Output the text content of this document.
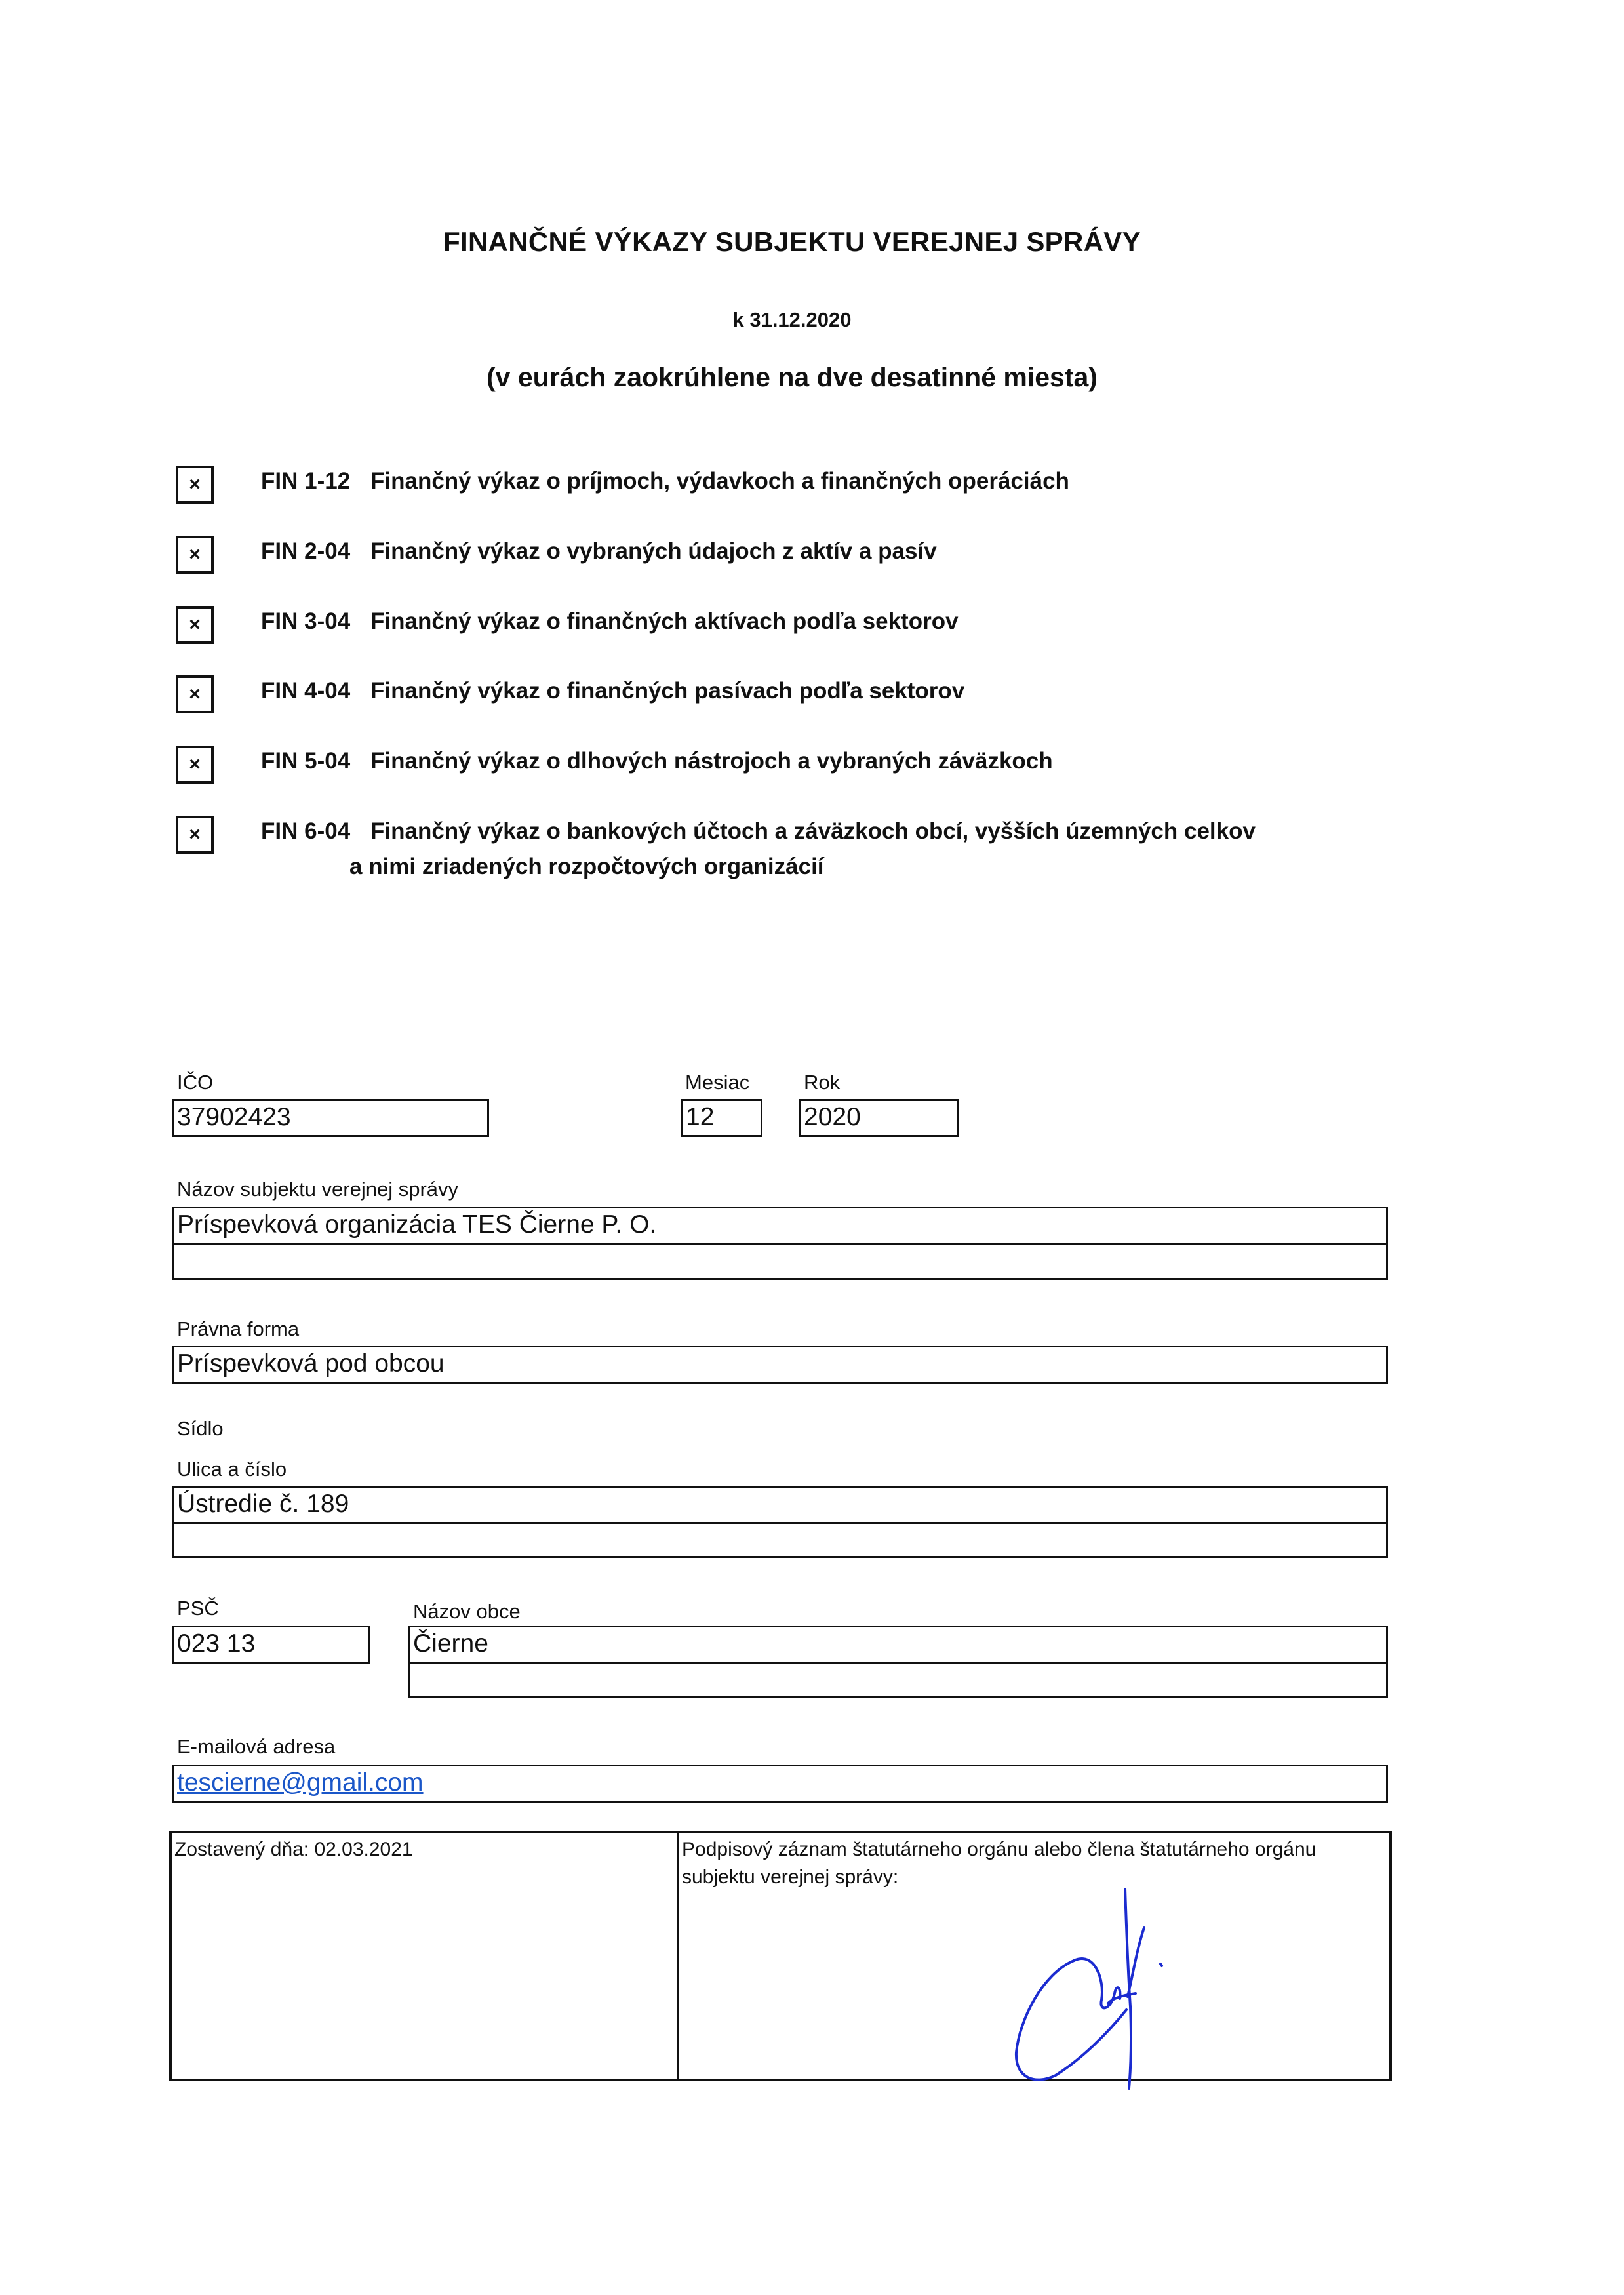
FINANČNÉ VÝKAZY SUBJEKTU VEREJNEJ SPRÁVY
k 31.12.2020
(v eurách zaokrúhlene na dve desatinné miesta)
×	FIN 1-12 Finančný výkaz o príjmoch, výdavkoch a finančných operáciách
×	FIN 2-04 Finančný výkaz o vybraných údajoch z aktív a pasív
×	FIN 3-04 Finančný výkaz o finančných aktívach podľa sektorov
×	FIN 4-04 Finančný výkaz o finančných pasívach podľa sektorov
×	FIN 5-04 Finančný výkaz o dlhových nástrojoch a vybraných záväzkoch
×	FIN 6-04 Finančný výkaz o bankových účtoch a záväzkoch obcí, vyšších územných celkov
a nimi zriadených rozpočtových organizácií
IČO
37902423
Mesiac
12
Rok
2020
Názov subjektu verejnej správy
Príspevková organizácia TES Čierne P. O.
Právna forma
Príspevková pod obcou
Sídlo
Ulica a číslo
Ústredie č. 189
PSČ
023 13
Názov obce
Čierne
E-mailová adresa
tescierne@gmail.com
Zostavený dňa: 02.03.2021	Podpisový záznam štatutárneho orgánu alebo člena štatutárneho orgánu
subjektu verejnej správy:
